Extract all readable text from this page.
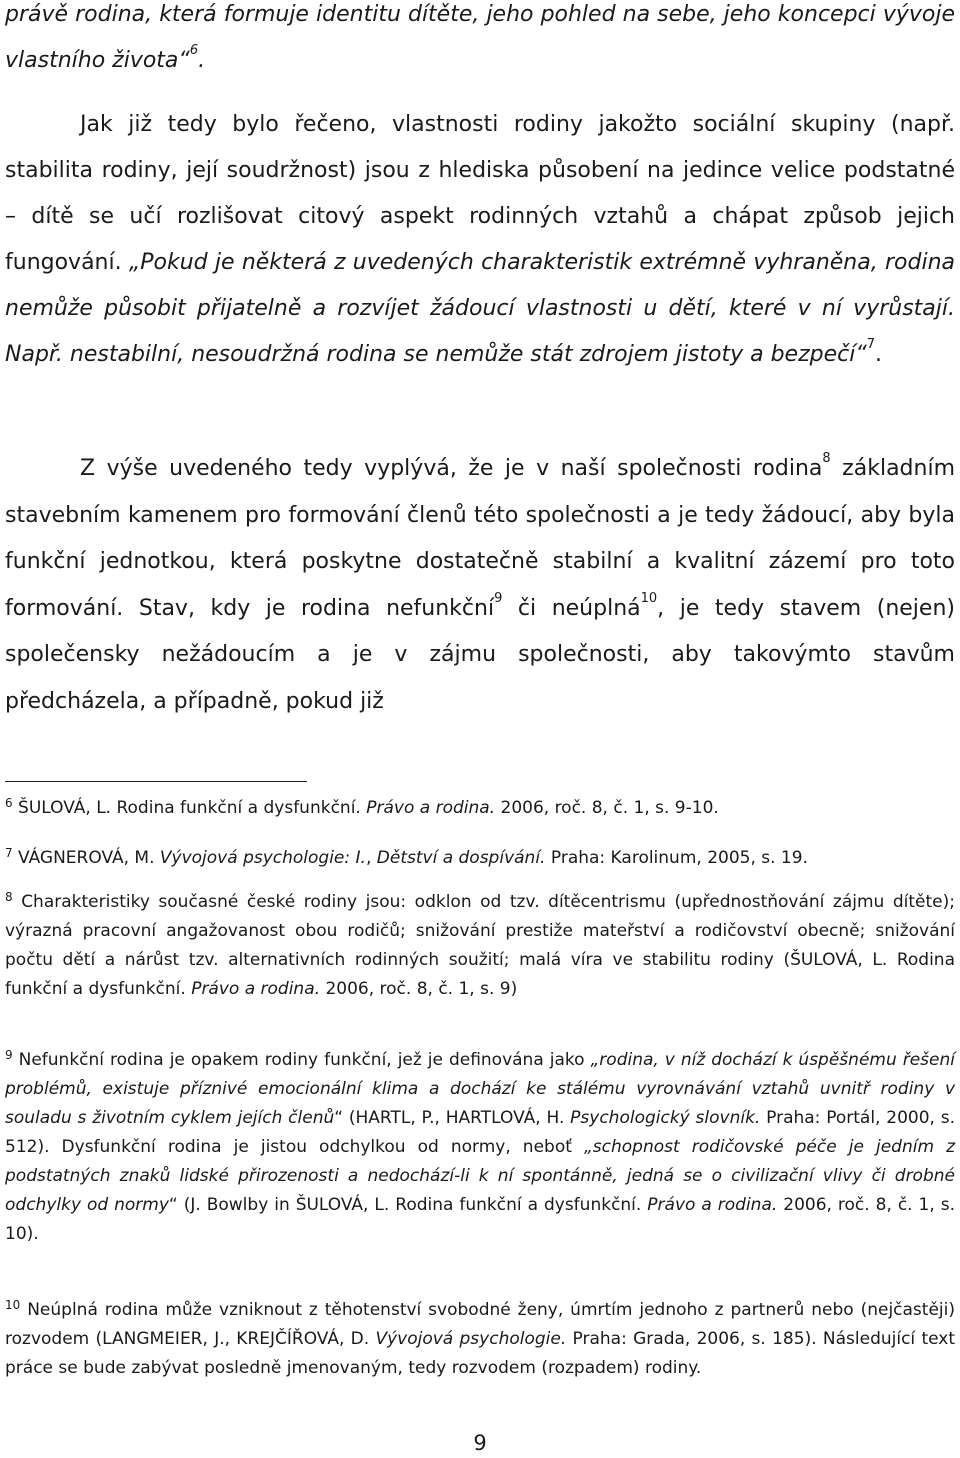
právě rodina, která formuje identitu dítěte, jeho pohled na sebe, jeho koncepci vývoje vlastního života“$^6$.

Jak již tedy bylo řečeno, vlastnosti rodiny jakožto sociální skupiny (např. stabilita rodiny, její soudržnost) jsou z hlediska působení na jedince velice podstatné – dítě se učí rozlišovat citový aspekt rodinných vztahů a chápat způsob jejich fungování. „Pokud je některá z uvedených charakteristik extrémně vyhraněna, rodina nemůže působit přijatelně a rozvíjet žádoucí vlastnosti u dětí, které v ní vyrůstají. Např. nestabilní, nesoudržná rodina se nemůže stát zdrojem jistoty a bezpečí“$^7$.

Z výše uvedeného tedy vyplývá, že je v naší společnosti rodina$^8$ základním stavebním kamenem pro formování členů této společnosti a je tedy žádoucí, aby byla funkční jednotkou, která poskytne dostatečně stabilní a kvalitní zázemí pro toto formování. Stav, kdy je rodina nefunkční$^9$ či neúplná$^{10}$, je tedy stavem (nejen) společensky nežádoucím a je v zájmu společnosti, aby takovýmto stavům předcházela, a případně, pokud již

$^6$ ŠULOVÁ, L. Rodina funkční a dysfunkční. Právo a rodina. 2006, roč. 8, č. 1, s. 9-10.

$^7$ VÁGNEROVÁ, M. Vývojová psychologie: I., Dětství a dospívání. Praha: Karolinum, 2005, s. 19.

$^8$ Charakteristiky současné české rodiny jsou: odklon od tzv. dítěcentrismu (upřednostňování zájmu dítěte); výrazná pracovní angažovanost obou rodičů; snižování prestiže mateřství a rodičovství obecně; snižování počtu dětí a nárůst tzv. alternativních rodinných soužití; malá víra ve stabilitu rodiny (ŠULOVÁ, L. Rodina funkční a dysfunkční. Právo a rodina. 2006, roč. 8, č. 1, s. 9)

$^9$ Nefunkční rodina je opakem rodiny funkční, jež je definována jako „rodina, v níž dochází k úspěšnému řešení problémů, existuje příznivé emocionální klima a dochází ke stálému vyrovnávání vztahů uvnitř rodiny v souladu s životním cyklem jejích členů“ (HARTL, P., HARTLOVÁ, H. Psychologický slovník. Praha: Portál, 2000, s. 512). Dysfunkční rodina je jistou odchylkou od normy, neboť „schopnost rodičovské péče je jedním z podstatných znaků lidské přirozenosti a nedochází-li k ní spontánně, jedná se o civilizační vlivy či drobné odchylky od normy“ (J. Bowlby in ŠULOVÁ, L. Rodina funkční a dysfunkční. Právo a rodina. 2006, roč. 8, č. 1, s. 10).

$^{10}$ Neúplná rodina může vzniknout z těhotenství svobodné ženy, úmrtím jednoho z partnerů nebo (nejčastěji) rozvodem (LANGMEIER, J., KREJČÍŘOVÁ, D. Vývojová psychologie. Praha: Grada, 2006, s. 185). Následující text práce se bude zabývat posledně jmenovaným, tedy rozvodem (rozpadem) rodiny.

9
